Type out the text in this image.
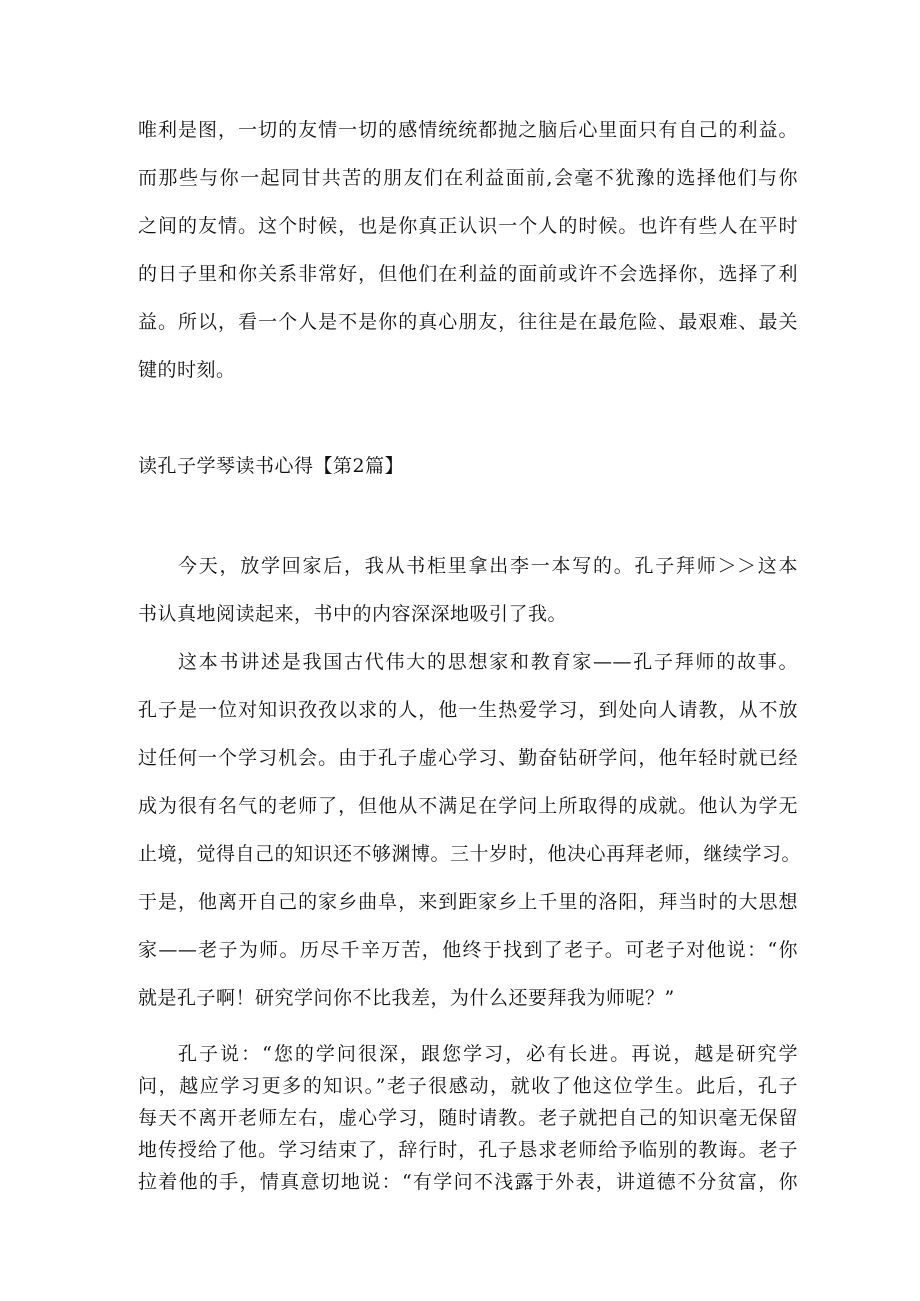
唯利是图，一切的友情一切的感情统统都抛之脑后心里面只有自己的利益。
而那些与你一起同甘共苦的朋友们在利益面前,会毫不犹豫的选择他们与你
之间的友情。这个时候，也是你真正认识一个人的时候。也许有些人在平时
的日子里和你关系非常好，但他们在利益的面前或许不会选择你，选择了利
益。所以，看一个人是不是你的真心朋友，往往是在最危险、最艰难、最关
键的时刻。
读孔子学琴读书心得【第2篇】
今天，放学回家后，我从书柜里拿出李一本写的。孔子拜师＞＞这本
书认真地阅读起来，书中的内容深深地吸引了我。
这本书讲述是我国古代伟大的思想家和教育家——孔子拜师的故事。
孔子是一位对知识孜孜以求的人，他一生热爱学习，到处向人请教，从不放
过任何一个学习机会。由于孔子虚心学习、勤奋钻研学问，他年轻时就已经
成为很有名气的老师了，但他从不满足在学问上所取得的成就。他认为学无
止境，觉得自己的知识还不够渊博。三十岁时，他决心再拜老师，继续学习。
于是，他离开自己的家乡曲阜，来到距家乡上千里的洛阳，拜当时的大思想
家——老子为师。历尽千辛万苦，他终于找到了老子。可老子对他说：“你
就是孔子啊！研究学问你不比我差，为什么还要拜我为师呢？”
孔子说：“您的学问很深，跟您学习，必有长进。再说，越是研究学
问，越应学习更多的知识。”老子很感动，就收了他这位学生。此后，孔子
每天不离开老师左右，虚心学习，随时请教。老子就把自己的知识毫无保留
地传授给了他。学习结束了，辞行时，孔子恳求老师给予临别的教诲。老子
拉着他的手，情真意切地说：“有学问不浅露于外表，讲道德不分贫富，你
